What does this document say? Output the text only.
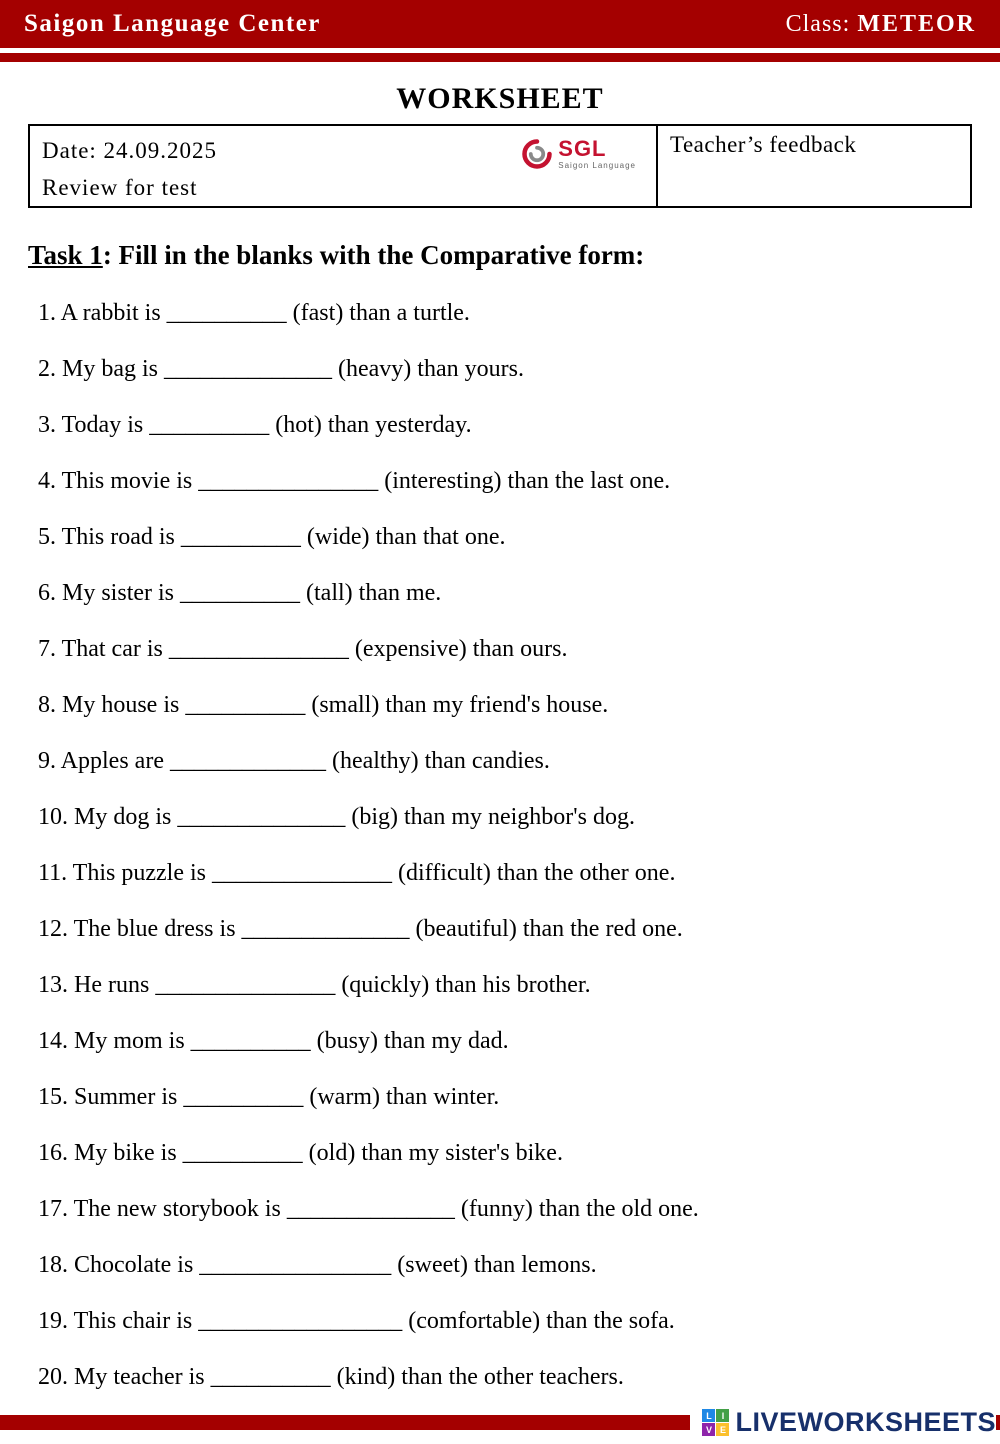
Saigon Language Center	Class: METEOR
WORKSHEET
Date: 24.09.2025
Review for test
SGL
Saigon Language
Teacher’s feedback
Task 1: Fill in the blanks with the Comparative form:
1. A rabbit is __________ (fast) than a turtle.
2. My bag is ______________ (heavy) than yours.
3. Today is __________ (hot) than yesterday.
4. This movie is _______________ (interesting) than the last one.
5. This road is __________ (wide) than that one.
6. My sister is __________ (tall) than me.
7. That car is _______________ (expensive) than ours.
8. My house is __________ (small) than my friend's house.
9. Apples are _____________ (healthy) than candies.
10. My dog is ______________ (big) than my neighbor's dog.
11. This puzzle is _______________ (difficult) than the other one.
12. The blue dress is ______________ (beautiful) than the red one.
13. He runs _______________ (quickly) than his brother.
14. My mom is __________ (busy) than my dad.
15. Summer is __________ (warm) than winter.
16. My bike is __________ (old) than my sister's bike.
17. The new storybook is ______________ (funny) than the old one.
18. Chocolate is ________________ (sweet) than lemons.
19. This chair is _________________ (comfortable) than the sofa.
20. My teacher is __________ (kind) than the other teachers.
L	I
V E LIVEWORKSHEETS
